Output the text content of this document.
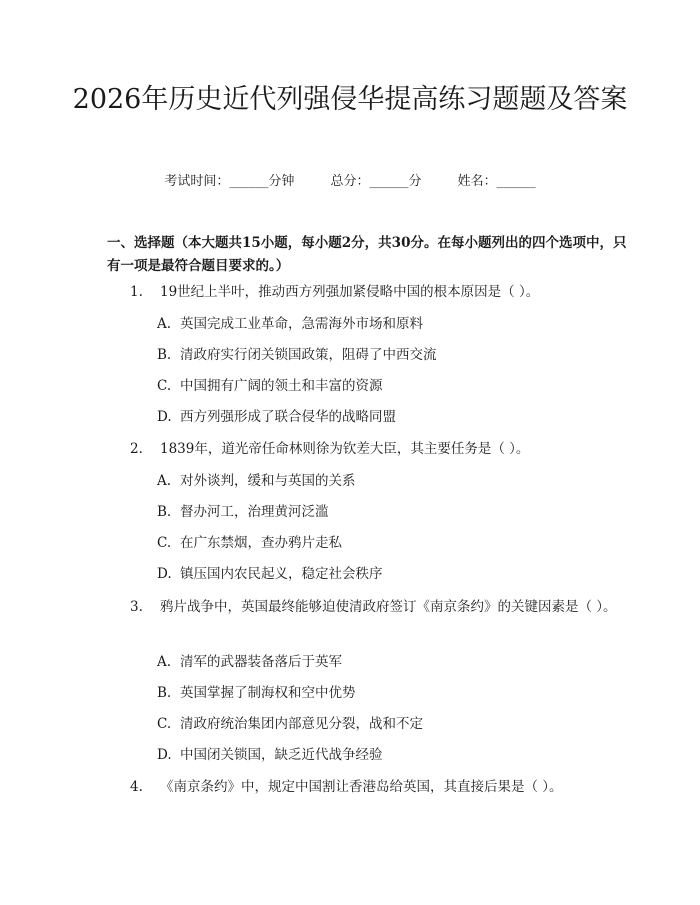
2026年历史近代列强侵华提高练习题题及答案
考试时间：______分钟	总分：______分	姓名：______
一、选择题（本大题共15小题，每小题2分，共30分。在每小题列出的四个选项中，只有一项是最符合题目要求的。）
1. 19世纪上半叶，推动西方列强加紧侵略中国的根本原因是（ ）。
A. 英国完成工业革命，急需海外市场和原料
B. 清政府实行闭关锁国政策，阻碍了中西交流
C. 中国拥有广阔的领土和丰富的资源
D. 西方列强形成了联合侵华的战略同盟
2. 1839年，道光帝任命林则徐为钦差大臣，其主要任务是（ ）。
A. 对外谈判，缓和与英国的关系
B. 督办河工，治理黄河泛滥
C. 在广东禁烟，查办鸦片走私
D. 镇压国内农民起义，稳定社会秩序
3. 鸦片战争中，英国最终能够迫使清政府签订《南京条约》的关键因素是（ ）。
A. 清军的武器装备落后于英军
B. 英国掌握了制海权和空中优势
C. 清政府统治集团内部意见分裂，战和不定
D. 中国闭关锁国，缺乏近代战争经验
4. 《南京条约》中，规定中国割让香港岛给英国，其直接后果是（ ）。
